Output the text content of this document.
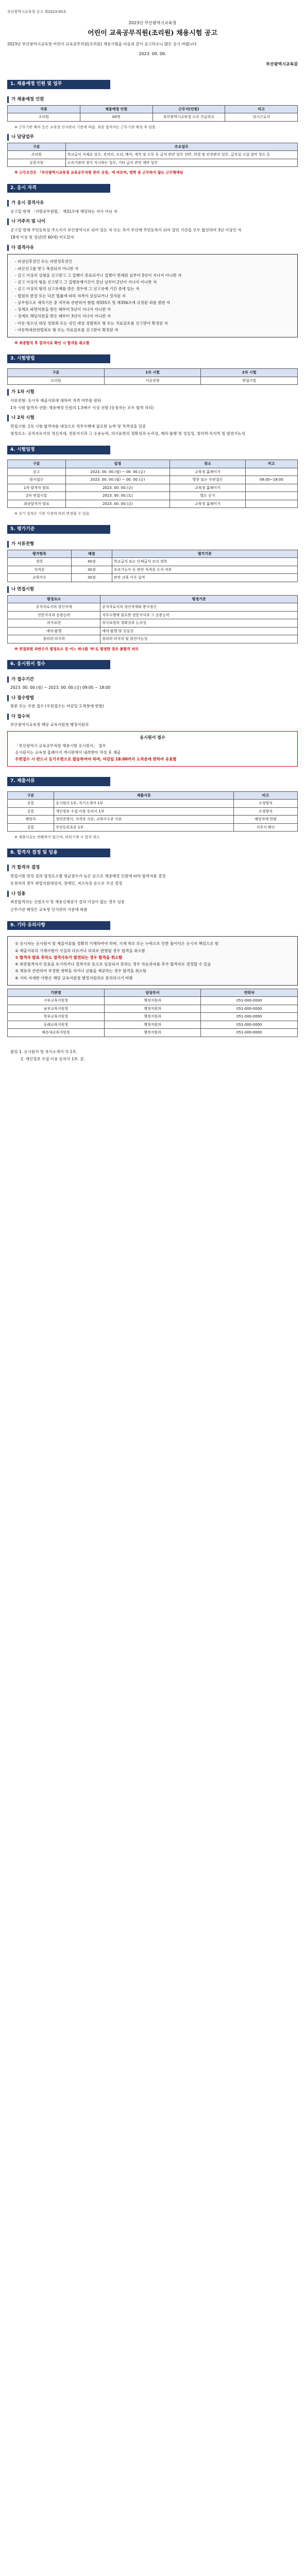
부산광역시교육청 공고 제2023-00호

2023년 부산광역시교육청

어린이 교육공무직원(조리원) 채용시험 공고

2023년 부산광역시교육청 어린이 교육공무직원(조리원) 채용시험을 다음과 같이 공고하오니 많은 응시 바랍니다.

2023. 00. 00.

부산광역시교육감

1. 채용예정 인원 및 업무
가 채용예정 인원
직종	채용예정 인원	근무지(인원)	비고
조리원	00명	부산광역시교육청 소속 각급학교	상시근로자
※ 근무기관 배치 등은 교육청 인사관리 기준에 따름. 최종 합격자는 근무기관 배정 후 임용
나 담당업무
구분	주요업무
조리원	학교급식 식재료 검수, 전처리, 조리, 배식, 세척 및 소독 등 급식 관련 업무 전반, 위생 및 안전관리 업무, 급식실 시설·설비 청소 등
공통사항	소속기관의 장이 지시하는 업무, 기타 급식 관련 제반 업무
※ 근무조건은 「부산광역시교육청 교육공무직원 관리 규정」에 따르며, 방학 중 근무하지 않는 근무형태임
2. 응시 자격
가 응시 결격사유

공고일 현재 「지방공무원법」 제31조에 해당하는 자가 아닌 자

나 거주지 및 나이

공고일 현재 주민등록상 주소지가 부산광역시로 되어 있는 자 또는 과거 부산에 주민등록이 되어 있던 기간을 모두 합산하여 3년 이상인 자

18세 이상 및 정년(만 60세) 미도달자

다 결격사유
- 피성년후견인 또는 피한정후견인
- 파산선고를 받고 복권되지 아니한 자
- 금고 이상의 실형을 선고받고 그 집행이 종료되거나 집행이 면제된 날부터 5년이 지나지 아니한 자
- 금고 이상의 형을 선고받고 그 집행유예기간이 끝난 날부터 2년이 지나지 아니한 자
- 금고 이상의 형의 선고유예를 받은 경우에 그 선고유예 기간 중에 있는 자
- 법원의 판결 또는 다른 법률에 따라 자격이 상실되거나 정지된 자
- 공무원으로 재직기간 중 직무와 관련하여 형법 제355조 및 제356조에 규정된 죄를 범한 자
- 징계로 파면처분을 받은 때부터 5년이 지나지 아니한 자
- 징계로 해임처분을 받은 때부터 3년이 지나지 아니한 자
- 아동·청소년 대상 성범죄 또는 성인 대상 성범죄로 형 또는 치료감호를 선고받아 확정된 자
- 아동학대관련범죄로 형 또는 치료감호를 선고받아 확정된 자
※ 최종합격 후 결격사유 확인 시 합격을 취소함
3. 시험방법
구분	1차 시험	2차 시험
조리원	서류전형	면접시험
가 1차 시험

서류전형: 응시자 제출서류에 대하여 적격 여부를 판단

1차 시험 합격자 선발: 채용예정 인원의 1.5배수 이상 선발 (동점자는 모두 합격 처리)

나 2차 시험

면접시험: 1차 시험 합격자를 대상으로 직무수행에 필요한 능력 및 적격성을 검증

평정요소: 공직자로서의 정신자세, 전문지식과 그 응용능력, 의사표현의 정확성과 논리성, 예의·품행 및 성실성, 창의력·의지력 및 발전가능성

4. 시험일정
구분	일정	장소	비고
공고	2023. 00. 00.(월) ~ 00. 00.(금)	교육청 홈페이지	
원서접수	2023. 00. 00.(월) ~ 00. 00.(금)	방문 또는 우편접수	09:00~18:00
1차 합격자 발표	2023. 00. 00.(금)	교육청 홈페이지	
2차 면접시험	2023. 00. 00.(토)	별도 공지	
최종합격자 발표	2023. 00. 00.(금)	교육청 홈페이지	
※ 상기 일정은 기관 사정에 따라 변경될 수 있음
5. 평가기준
가 서류전형
평가항목	배점	평가기준
경력	40점	학교급식 또는 단체급식 조리 경력
자격증	30점	조리기능사 등 관련 자격증 소지 여부
교육이수	30점	관련 교육 이수 실적
나 면접시험
평정요소	평정기준
공직자로서의 정신자세	공직자로서의 정신자세와 봉사정신
전문지식과 응용능력	직무수행에 필요한 전문지식과 그 응용능력
의사표현	의사표현의 정확성과 논리성
예의·품행	예의·품행 및 성실성
창의력·의지력	창의력·의지력 및 발전가능성
※ 면접위원 과반수가 평정요소 중 어느 하나를 '하'로 평정한 경우 불합격 처리
6. 응시원서 접수
가 접수기간

2023. 00. 00.(월) ~ 2023. 00. 00.(금) 09:00 ~ 18:00

나 접수방법

방문 또는 우편 접수 (우편접수는 마감일 도착분에 한함)

다 접수처

부산광역시교육청 해당 교육지원청 행정지원과

응시원서 접수
「부산광역시 교육공무직원 채용시험 응시원서」 접수
응시원서는 교육청 홈페이지 게시판에서 내려받아 작성 후 제출
우편접수 시 반드시 등기우편으로 발송하여야 하며, 마감일 18:00까지 도착분에 한하여 유효함
7. 제출서류
구분	제출서류	비고
공통	응시원서 1부, 자기소개서 1부	소정양식
공통	개인정보 수집·이용 동의서 1부	소정양식
해당자	경력증명서, 자격증 사본, 교육이수증 사본	해당자에 한함
공통	주민등록초본 1부	거주지 확인
※ 제출서류는 반환하지 않으며, 허위기재 시 합격 취소
8. 합격자 결정 및 임용
가 합격자 결정

면접시험 평정 결과 평정요소별 평균점수가 높은 순으로 채용예정 인원에 따라 합격자를 결정

동점자의 경우 취업지원대상자, 장애인, 저소득층 순으로 우선 결정

나 임용

최종합격자는 신원조사 및 채용신체검사 결과 이상이 없는 경우 임용

근무기관 배정은 교육청 인사관리 기준에 따름

9. 기타 유의사항
① 응시자는 응시원서 및 제출서류를 정확히 기재하여야 하며, 기재 착오 또는 누락으로 인한 불이익은 응시자 책임으로 함
② 제출서류의 기재사항이 사실과 다르거나 허위로 판명될 경우 합격을 취소함
③ 합격자 발표 후라도 결격사유가 발견되는 경우 합격을 취소함
④ 최종합격자가 임용을 포기하거나 결격사유 등으로 임용되지 못하는 경우 차순위자를 추가 합격자로 결정할 수 있음
⑤ 채용과 관련하여 부정한 청탁을 하거나 금품을 제공하는 경우 합격을 취소함
⑥ 기타 자세한 사항은 해당 교육지원청 행정지원과로 문의하시기 바람
기관명	담당부서	연락처
서부교육지원청	행정지원과	051-000-0000
남부교육지원청	행정지원과	051-000-0000
북부교육지원청	행정지원과	051-000-0000
동래교육지원청	행정지원과	051-000-0000
해운대교육지원청	행정지원과	051-000-0000
붙임 1. 응시원서 및 자기소개서 각 1부.
2. 개인정보 수집·이용 동의서 1부. 끝.
